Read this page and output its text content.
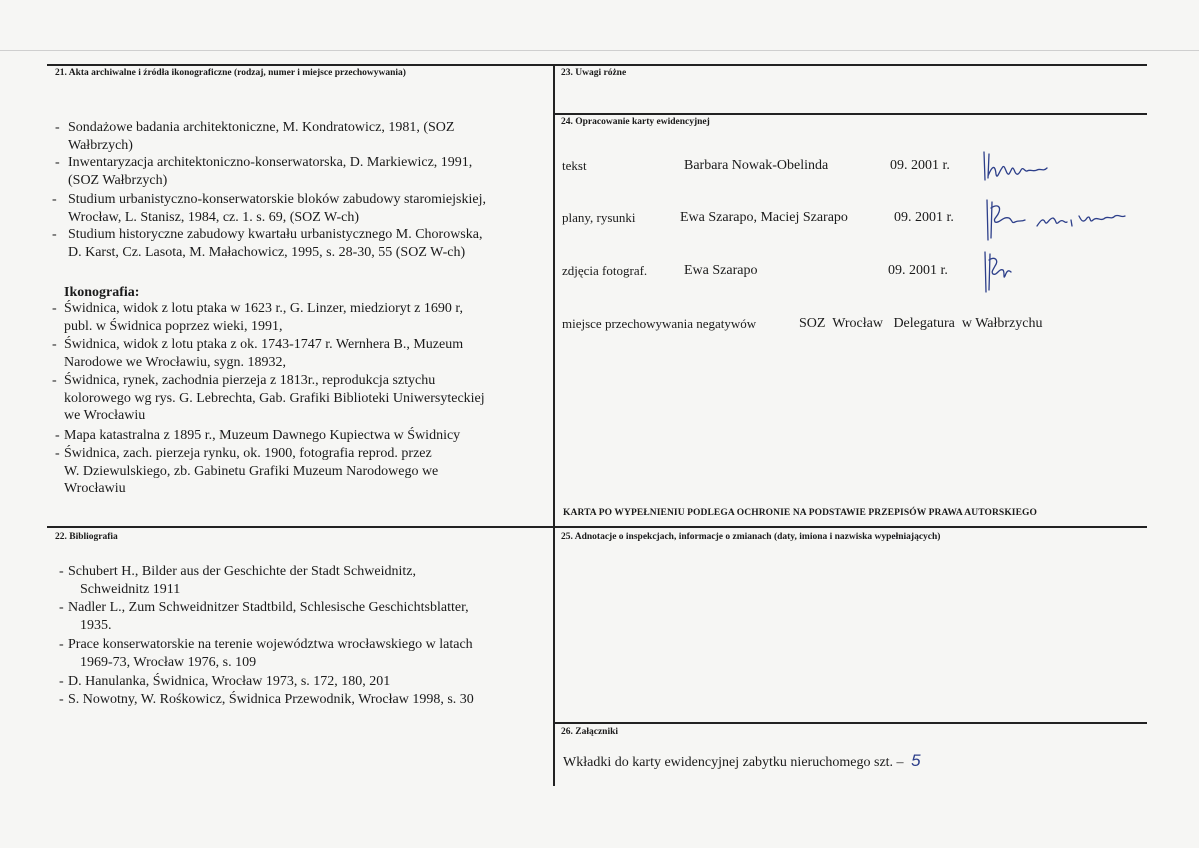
21. Akta archiwalne i źródła ikonograficzne (rodzaj, numer i miejsce przechowywania)
- Sondażowe badania architektoniczne, M. Kondratowicz, 1981, (SOZ
Wałbrzych)
- Inwentaryzacja architektoniczno-konserwatorska, D. Markiewicz, 1991,
(SOZ Wałbrzych)
- Studium urbanistyczno-konserwatorskie bloków zabudowy staromiejskiej,
Wrocław, L. Stanisz, 1984, cz. 1. s. 69, (SOZ W-ch)
- Studium historyczne zabudowy kwartału urbanistycznego M. Chorowska,
D. Karst, Cz. Lasota, M. Małachowicz, 1995, s. 28-30, 55 (SOZ W-ch)
Ikonografia:
- Świdnica, widok z lotu ptaka w 1623 r., G. Linzer, miedzioryt z 1690 r,
publ. w Świdnica poprzez wieki, 1991,
- Świdnica, widok z lotu ptaka z ok. 1743-1747 r. Wernhera B., Muzeum
Narodowe we Wrocławiu, sygn. 18932,
- Świdnica, rynek, zachodnia pierzeja z 1813r., reprodukcja sztychu
kolorowego wg rys. G. Lebrechta, Gab. Grafiki Biblioteki Uniwersyteckiej
we Wrocławiu
- Mapa katastralna z 1895 r., Muzeum Dawnego Kupiectwa w Świdnicy
- Świdnica, zach. pierzeja rynku, ok. 1900, fotografia reprod. przez
W. Dziewulskiego, zb. Gabinetu Grafiki Muzeum Narodowego we
Wrocławiu
22. Bibliografia
- Schubert H., Bilder aus der Geschichte der Stadt Schweidnitz,
Schweidnitz 1911
- Nadler L., Zum Schweidnitzer Stadtbild, Schlesische Geschichtsblatter,
1935.
- Prace konserwatorskie na terenie województwa wrocławskiego w latach
1969-73, Wrocław 1976, s. 109
- D. Hanulanka, Świdnica, Wrocław 1973, s. 172, 180, 201
- S. Nowotny, W. Rośkowicz, Świdnica Przewodnik, Wrocław 1998, s. 30
23. Uwagi różne
24. Opracowanie karty ewidencyjnej
tekst	Barbara Nowak-Obelinda	09. 2001 r.
plany, rysunki	Ewa Szarapo, Maciej Szarapo	09. 2001 r.
zdjęcia fotograf.	Ewa Szarapo	09. 2001 r.
miejsce przechowywania negatywów	SOZ  Wrocław   Delegatura  w Wałbrzychu
KARTA PO WYPEŁNIENIU PODLEGA OCHRONIE NA PODSTAWIE PRZEPISÓW PRAWA AUTORSKIEGO
25. Adnotacje o inspekcjach, informacje o zmianach (daty, imiona i nazwiska wypełniających)
26. Załączniki
Wkładki do karty ewidencyjnej zabytku nieruchomego szt. – 5
